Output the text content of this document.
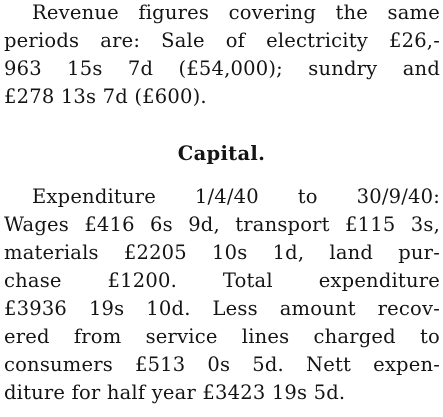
Revenue figures covering the same
periods are: Sale of electricity £26,-
963 15s 7d (£54,000); sundry and
£278 13s 7d (£600).
Capital.
Expenditure 1/4/40 to 30/9/40:
Wages £416 6s 9d, transport £115 3s,
materials £2205 10s 1d, land pur-
chase £1200. Total expenditure
£3936 19s 10d. Less amount recov-
ered from service lines charged to
consumers £513 0s 5d. Nett expen-
diture for half year £3423 19s 5d.
